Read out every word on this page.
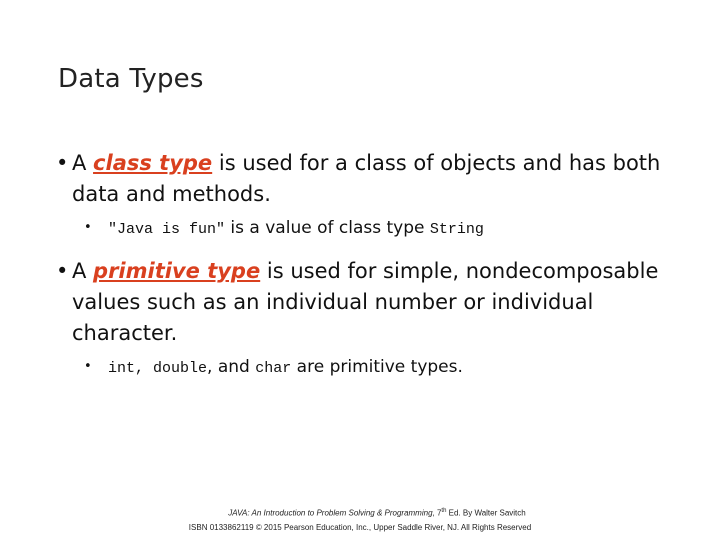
Data Types
• A class type is used for a class of objects and has both data and methods.
• "Java is fun" is a value of class type String
• A primitive type is used for simple, nondecomposable values such as an individual number or individual character.
• int, double, and char are primitive types.
JAVA: An Introduction to Problem Solving & Programming, 7th Ed. By Walter Savitch
ISBN 0133862119 © 2015 Pearson Education, Inc., Upper Saddle River, NJ. All Rights Reserved
